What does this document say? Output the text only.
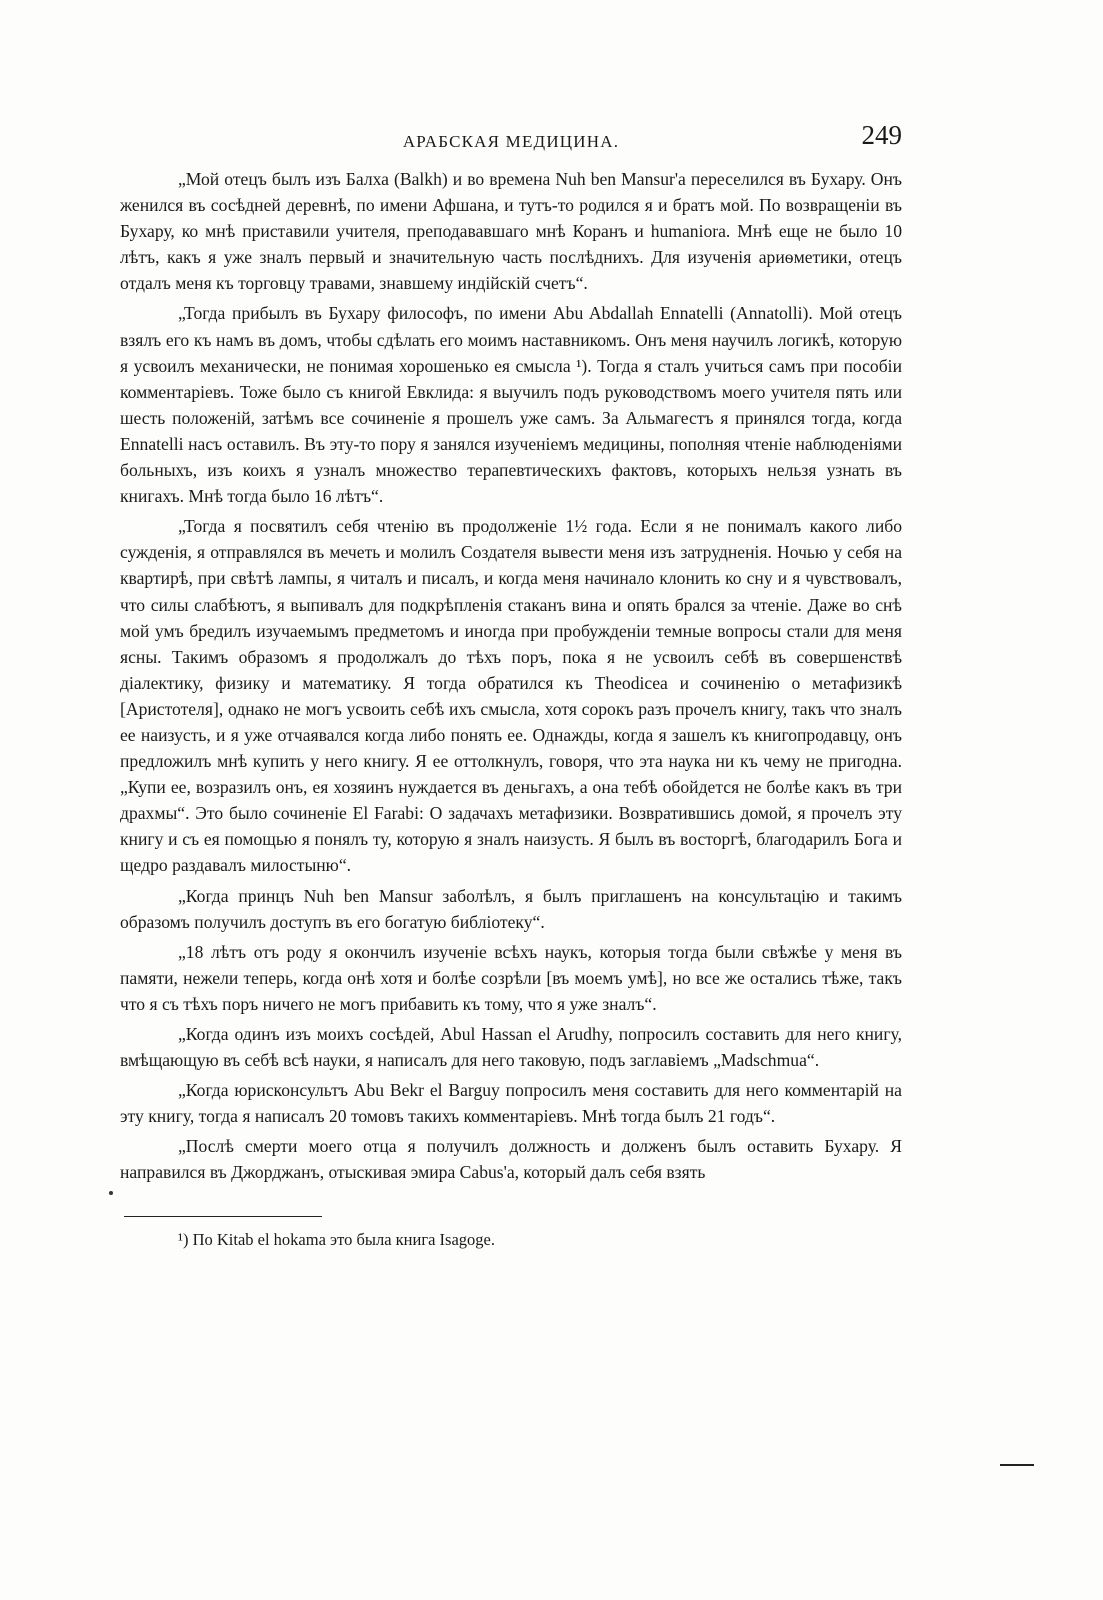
АРАБСКАЯ МЕДИЦИНА.	249

„Мой отецъ былъ изъ Балха (Balkh) и во времена Nuh ben Mansur'a переселился въ Бухару. Онъ женился въ сосѣдней деревнѣ, по имени Афшана, и тутъ-то родился я и братъ мой. По возвращеніи въ Бухару, ко мнѣ приставили учителя, преподававшаго мнѣ Коранъ и humaniora. Мнѣ еще не было 10 лѣтъ, какъ я уже зналъ первый и значительную часть послѣднихъ. Для изученія ариѳметики, отецъ отдалъ меня къ торговцу травами, знавшему индійскій счетъ“.

„Тогда прибылъ въ Бухару философъ, по имени Abu Abdallah Ennatelli (Annatolli). Мой отецъ взялъ его къ намъ въ домъ, чтобы сдѣлать его моимъ наставникомъ. Онъ меня научилъ логикѣ, которую я усвоилъ механически, не понимая хорошенько ея смысла ¹). Тогда я сталъ учиться самъ при пособіи комментаріевъ. Тоже было съ книгой Евклида: я выучилъ подъ руководствомъ моего учителя пять или шесть положеній, затѣмъ все сочиненіе я прошелъ уже самъ. За Альмагестъ я принялся тогда, когда Ennatelli насъ оставилъ. Въ эту-то пору я занялся изученіемъ медицины, пополняя чтеніе наблюденіями больныхъ, изъ коихъ я узналъ множество терапевтическихъ фактовъ, которыхъ нельзя узнать въ книгахъ. Мнѣ тогда было 16 лѣтъ“.

„Тогда я посвятилъ себя чтенію въ продолженіе 1½ года. Если я не понималъ какого либо сужденія, я отправлялся въ мечеть и молилъ Создателя вывести меня изъ затрудненія. Ночью у себя на квартирѣ, при свѣтѣ лампы, я читалъ и писалъ, и когда меня начинало клонить ко сну и я чувствовалъ, что силы слабѣютъ, я выпивалъ для подкрѣпленія стаканъ вина и опять брался за чтеніе. Даже во снѣ мой умъ бредилъ изучаемымъ предметомъ и иногда при пробужденіи темные вопросы стали для меня ясны. Такимъ образомъ я продолжалъ до тѣхъ поръ, пока я не усвоилъ себѣ въ совершенствѣ діалектику, физику и математику. Я тогда обратился къ Theodicea и сочиненію о метафизикѣ [Аристотеля], однако не могъ усвоить себѣ ихъ смысла, хотя сорокъ разъ прочелъ книгу, такъ что зналъ ее наизусть, и я уже отчаявался когда либо понять ее. Однажды, когда я зашелъ къ книгопродавцу, онъ предложилъ мнѣ купить у него книгу. Я ее оттолкнулъ, говоря, что эта наука ни къ чему не пригодна. „Купи ее, возразилъ онъ, ея хозяинъ нуждается въ деньгахъ, а она тебѣ обойдется не болѣе какъ въ три драхмы“. Это было сочиненіе El Farabi: О задачахъ метафизики. Возвратившись домой, я прочелъ эту книгу и съ ея помощью я понялъ ту, которую я зналъ наизусть. Я былъ въ восторгѣ, благодарилъ Бога и щедро раздавалъ милостыню“.

„Когда принцъ Nuh ben Mansur заболѣлъ, я былъ приглашенъ на консультацію и такимъ образомъ получилъ доступъ въ его богатую библіотеку“.

„18 лѣтъ отъ роду я окончилъ изученіе всѣхъ наукъ, которыя тогда были свѣжѣе у меня въ памяти, нежели теперь, когда онѣ хотя и болѣе созрѣли [въ моемъ умѣ], но все же остались тѣже, такъ что я съ тѣхъ поръ ничего не могъ прибавить къ тому, что я уже зналъ“.

„Когда одинъ изъ моихъ сосѣдей, Abul Hassan el Arudhy, попросилъ составить для него книгу, вмѣщающую въ себѣ всѣ науки, я написалъ для него таковую, подъ заглавіемъ „Madschmua“.

„Когда юрисконсультъ Abu Bekr el Barguy попросилъ меня составить для него комментарій на эту книгу, тогда я написалъ 20 томовъ такихъ комментаріевъ. Мнѣ тогда былъ 21 годъ“.

„Послѣ смерти моего отца я получилъ должность и долженъ былъ оставить Бухару. Я направился въ Джорджанъ, отыскивая эмира Cabus'a, который далъ себя взять

¹) По Kitab el hokama это была книга Isagoge.
